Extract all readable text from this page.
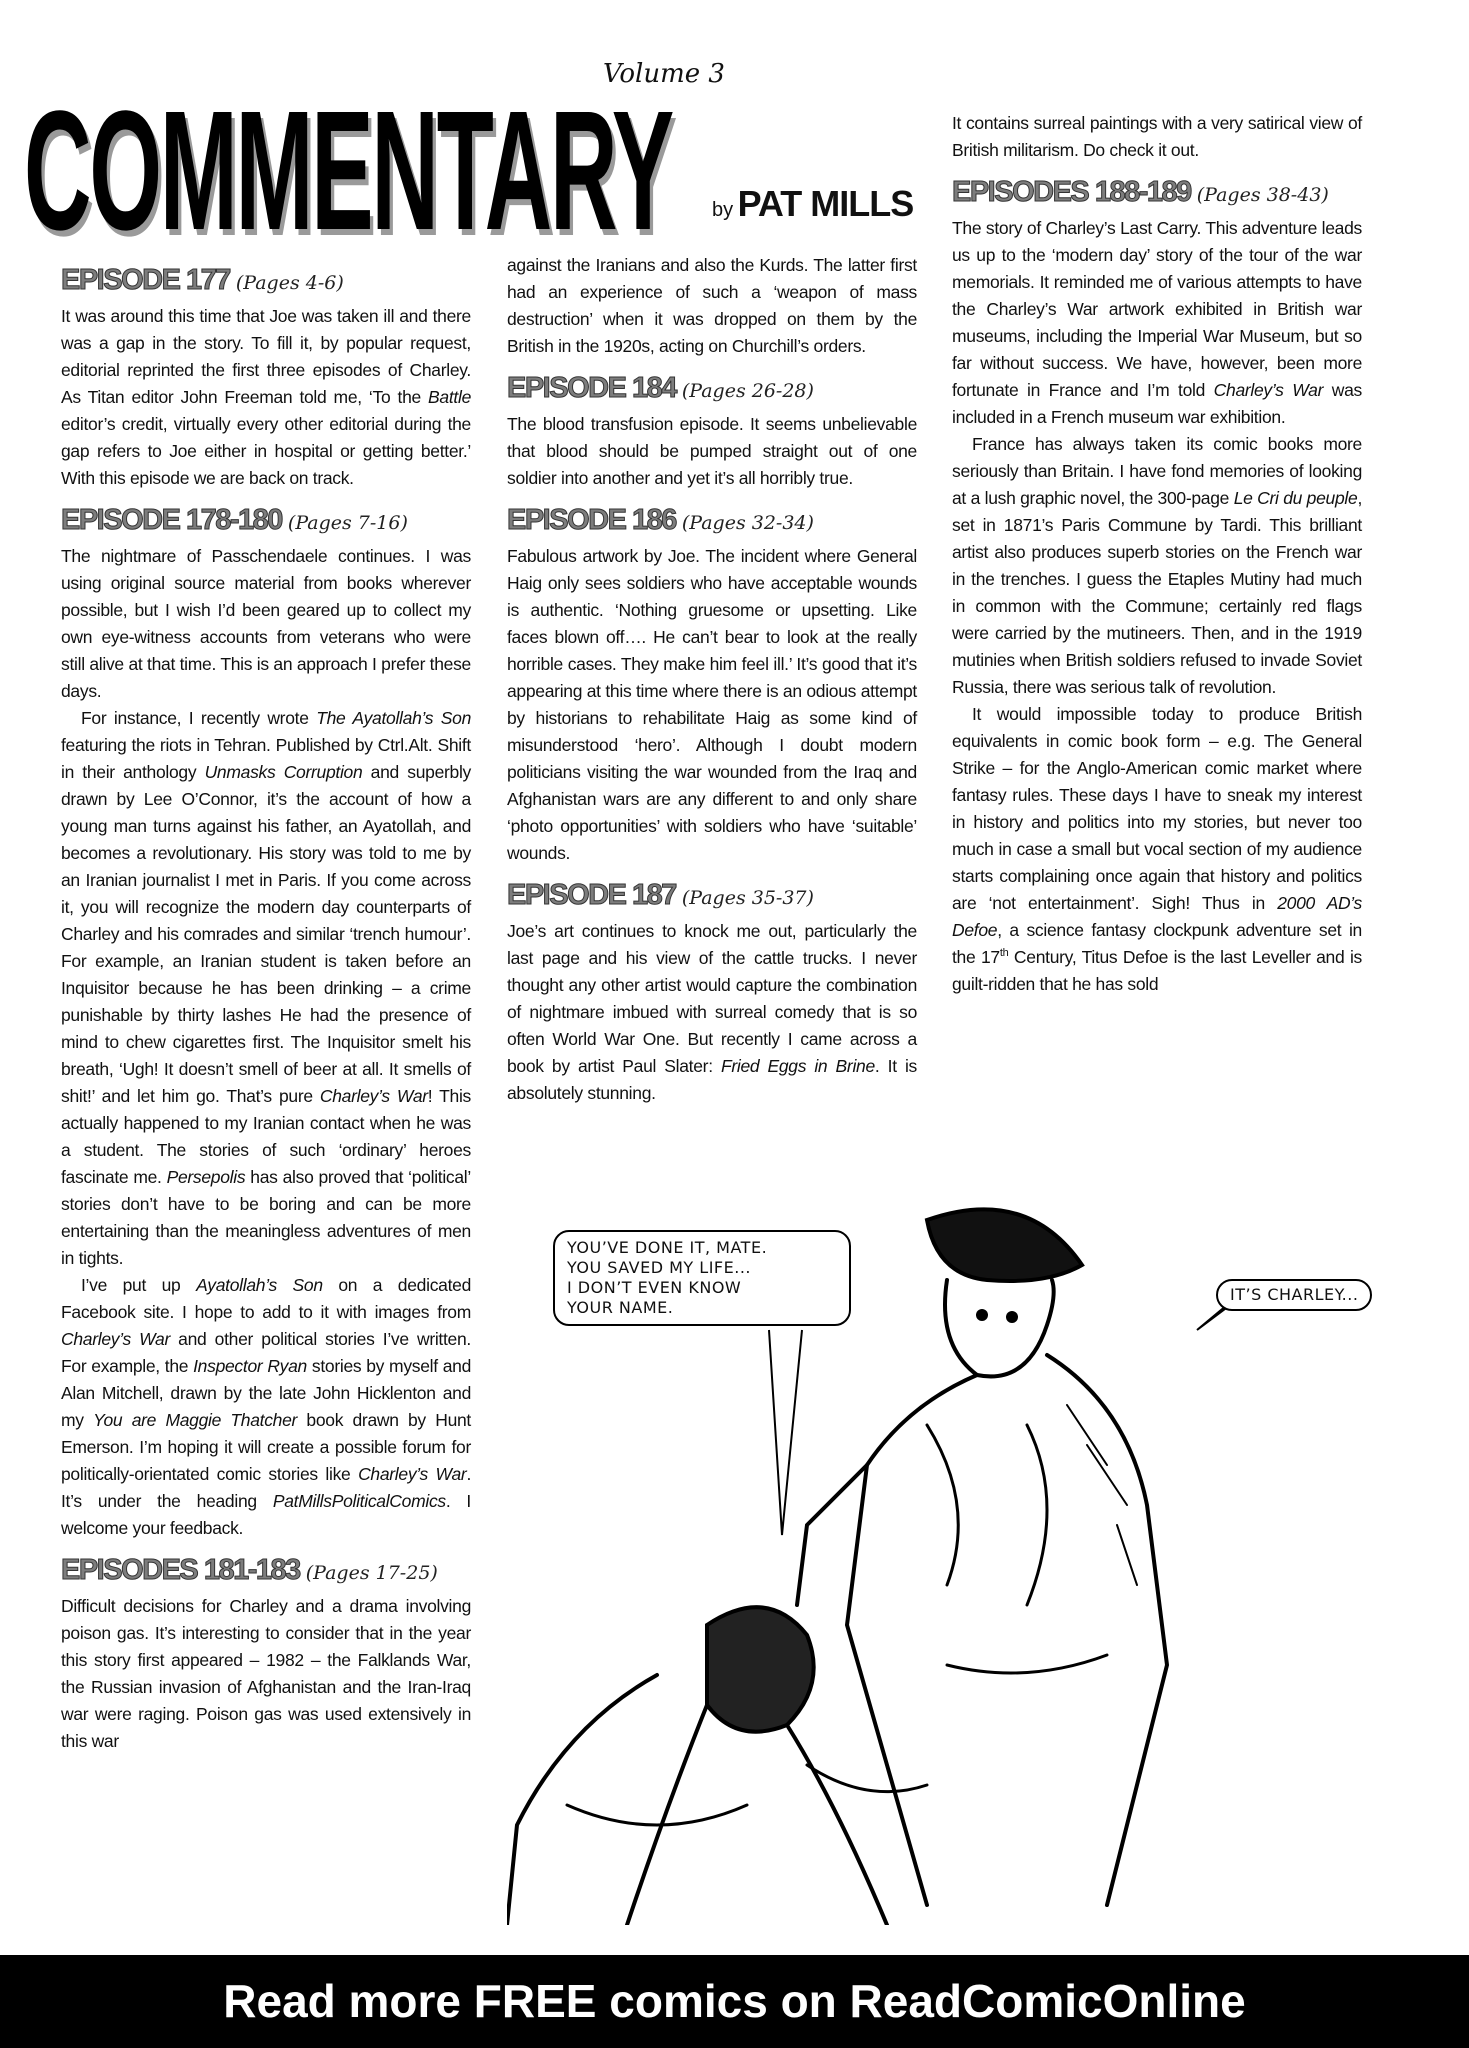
COMMENTARY
Volume 3
by PAT MILLS
EPISODE 177 (Pages 4-6)

It was around this time that Joe was taken ill and there was a gap in the story. To fill it, by popular request, editorial reprinted the first three episodes of Charley. As Titan editor John Freeman told me, ‘To the Battle editor’s credit, virtually every other editorial during the gap refers to Joe either in hospital or getting better.’ With this episode we are back on track.

EPISODE 178-180 (Pages 7-16)

The nightmare of Passchendaele continues. I was using original source material from books wherever possible, but I wish I’d been geared up to collect my own eye-witness accounts from veterans who were still alive at that time. This is an approach I prefer these days.

For instance, I recently wrote The Ayatollah’s Son featuring the riots in Tehran. Published by Ctrl.Alt. Shift in their anthology Unmasks Corruption and superbly drawn by Lee O’Connor, it’s the account of how a young man turns against his father, an Ayatollah, and becomes a revolutionary. His story was told to me by an Iranian journalist I met in Paris. If you come across it, you will recognize the modern day counterparts of Charley and his comrades and similar ‘trench humour’. For example, an Iranian student is taken before an Inquisitor because he has been drinking – a crime punishable by thirty lashes He had the presence of mind to chew cigarettes first. The Inquisitor smelt his breath, ‘Ugh! It doesn’t smell of beer at all. It smells of shit!’ and let him go. That’s pure Charley’s War! This actually happened to my Iranian contact when he was a student. The stories of such ‘ordinary’ heroes fascinate me. Persepolis has also proved that ‘political’ stories don’t have to be boring and can be more entertaining than the meaningless adventures of men in tights.

I’ve put up Ayatollah’s Son on a dedicated Facebook site. I hope to add to it with images from Charley’s War and other political stories I’ve written. For example, the Inspector Ryan stories by myself and Alan Mitchell, drawn by the late John Hicklenton and my You are Maggie Thatcher book drawn by Hunt Emerson. I’m hoping it will create a possible forum for politically-orientated comic stories like Charley’s War. It’s under the heading PatMillsPoliticalComics. I welcome your feedback.

EPISODES 181-183 (Pages 17-25)

Difficult decisions for Charley and a drama involving poison gas. It’s interesting to consider that in the year this story first appeared – 1982 – the Falklands War, the Russian invasion of Afghanistan and the Iran-Iraq war were raging. Poison gas was used extensively in this war

against the Iranians and also the Kurds. The latter first had an experience of such a ‘weapon of mass destruction’ when it was dropped on them by the British in the 1920s, acting on Churchill’s orders.

EPISODE 184 (Pages 26-28)

The blood transfusion episode. It seems unbelievable that blood should be pumped straight out of one soldier into another and yet it’s all horribly true.

EPISODE 186 (Pages 32-34)

Fabulous artwork by Joe. The incident where General Haig only sees soldiers who have acceptable wounds is authentic. ‘Nothing gruesome or upsetting. Like faces blown off…. He can’t bear to look at the really horrible cases. They make him feel ill.’ It’s good that it’s appearing at this time where there is an odious attempt by historians to rehabilitate Haig as some kind of misunderstood ‘hero’. Although I doubt modern politicians visiting the war wounded from the Iraq and Afghanistan wars are any different to and only share ‘photo opportunities’ with soldiers who have ‘suitable’ wounds.

EPISODE 187 (Pages 35-37)

Joe’s art continues to knock me out, particularly the last page and his view of the cattle trucks. I never thought any other artist would capture the combination of nightmare imbued with surreal comedy that is so often World War One. But recently I came across a book by artist Paul Slater: Fried Eggs in Brine. It is absolutely stunning.

It contains surreal paintings with a very satirical view of British militarism. Do check it out.

EPISODES 188-189 (Pages 38-43)

The story of Charley’s Last Carry. This adventure leads us up to the ‘modern day’ story of the tour of the war memorials. It reminded me of various attempts to have the Charley’s War artwork exhibited in British war museums, including the Imperial War Museum, but so far without success. We have, however, been more fortunate in France and I’m told Charley’s War was included in a French museum war exhibition.

France has always taken its comic books more seriously than Britain. I have fond memories of looking at a lush graphic novel, the 300-page Le Cri du peuple, set in 1871’s Paris Commune by Tardi. This brilliant artist also produces superb stories on the French war in the trenches. I guess the Etaples Mutiny had much in common with the Commune; certainly red flags were carried by the mutineers. Then, and in the 1919 mutinies when British soldiers refused to invade Soviet Russia, there was serious talk of revolution.

It would impossible today to produce British equivalents in comic book form – e.g. The General Strike – for the Anglo-American comic market where fantasy rules. These days I have to sneak my interest in history and politics into my stories, but never too much in case a small but vocal section of my audience starts complaining once again that history and politics are ‘not entertainment’. Sigh! Thus in 2000 AD’s Defoe, a science fantasy clockpunk adventure set in the 17th Century, Titus Defoe is the last Leveller and is guilt-ridden that he has sold

YOU’VE DONE IT, MATE.
YOU SAVED MY LIFE...
I DON’T EVEN KNOW
YOUR NAME.
IT’S CHARLEY...
Read more FREE comics on ReadComicOnline
